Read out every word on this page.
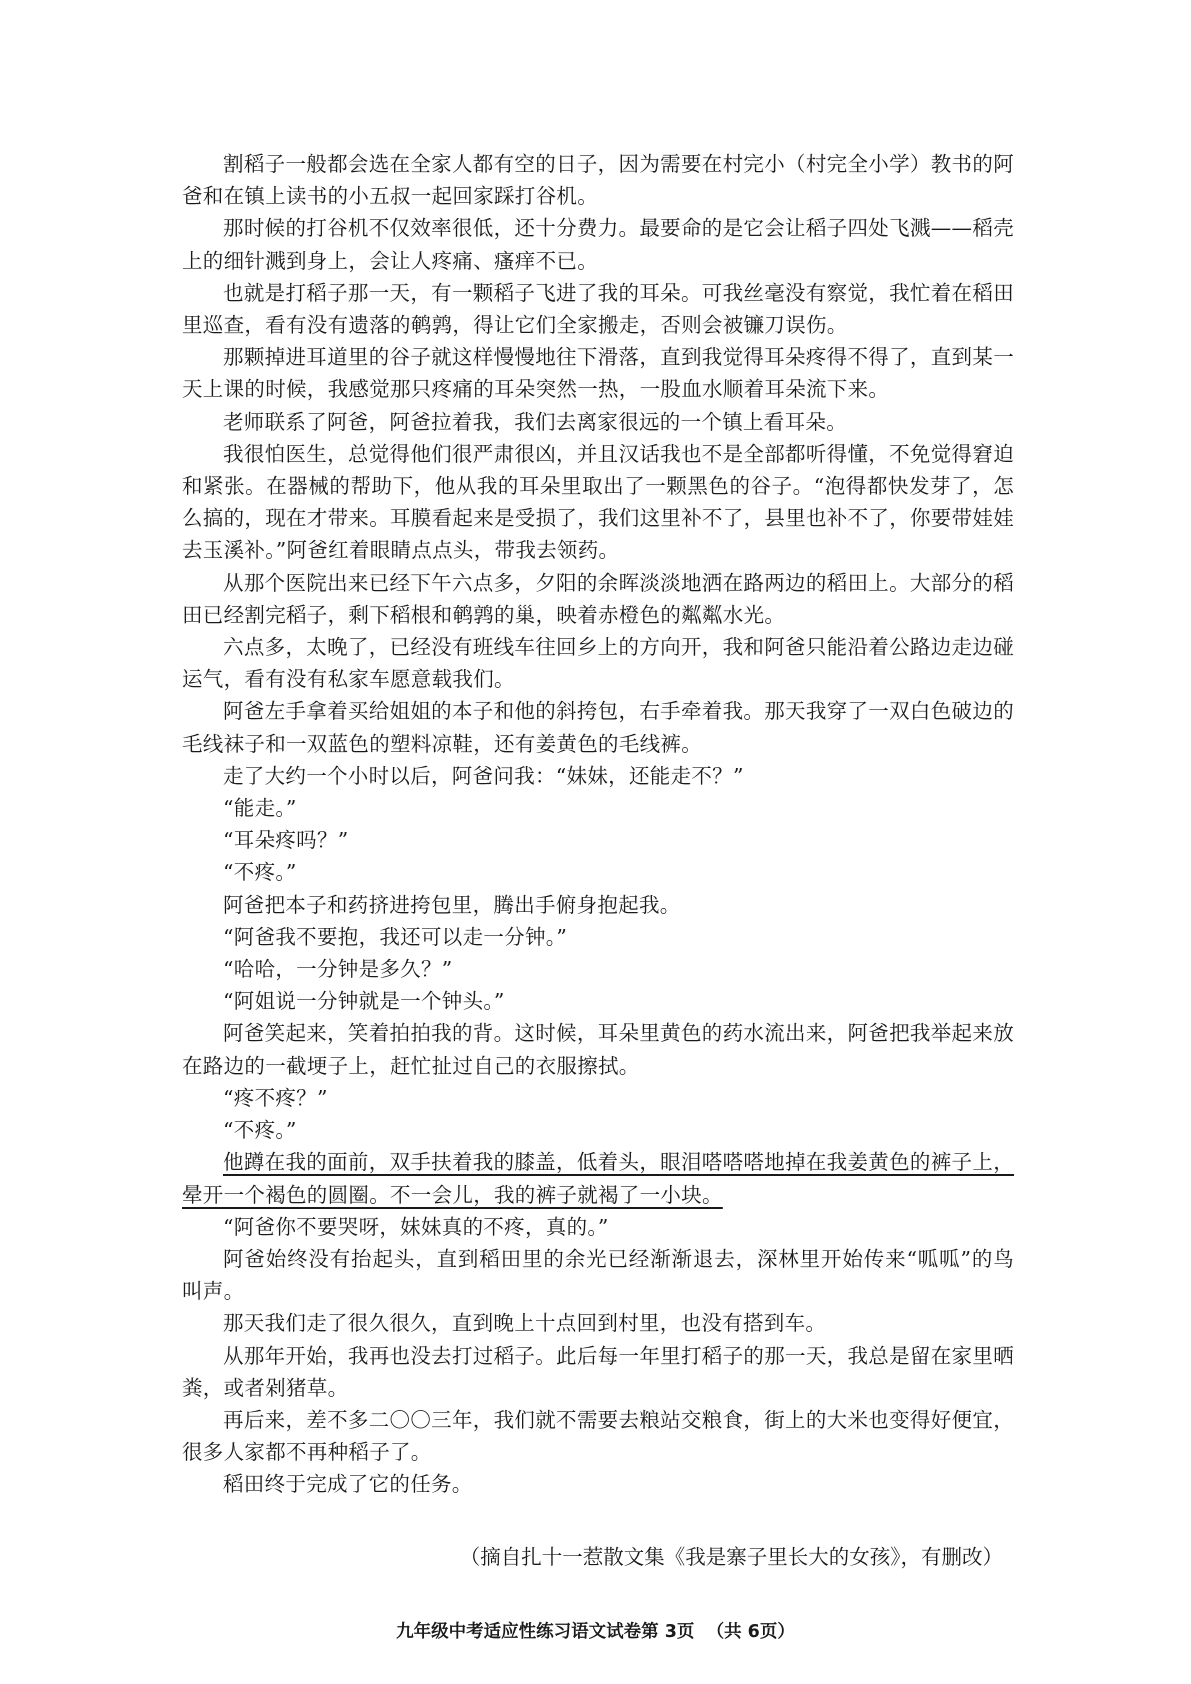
割稻子一般都会选在全家人都有空的日子，因为需要在村完小（村完全小学）教书的阿爸和在镇上读书的小五叔一起回家踩打谷机。

那时候的打谷机不仅效率很低，还十分费力。最要命的是它会让稻子四处飞溅——稻壳上的细针溅到身上，会让人疼痛、瘙痒不已。

也就是打稻子那一天，有一颗稻子飞进了我的耳朵。可我丝毫没有察觉，我忙着在稻田里巡查，看有没有遗落的鹌鹑，得让它们全家搬走，否则会被镰刀误伤。

那颗掉进耳道里的谷子就这样慢慢地往下滑落，直到我觉得耳朵疼得不得了，直到某一天上课的时候，我感觉那只疼痛的耳朵突然一热，一股血水顺着耳朵流下来。

老师联系了阿爸，阿爸拉着我，我们去离家很远的一个镇上看耳朵。

我很怕医生，总觉得他们很严肃很凶，并且汉话我也不是全部都听得懂，不免觉得窘迫和紧张。在器械的帮助下，他从我的耳朵里取出了一颗黑色的谷子。“泡得都快发芽了，怎么搞的，现在才带来。耳膜看起来是受损了，我们这里补不了，县里也补不了，你要带娃娃去玉溪补。”阿爸红着眼睛点点头，带我去领药。

从那个医院出来已经下午六点多，夕阳的余晖淡淡地洒在路两边的稻田上。大部分的稻田已经割完稻子，剩下稻根和鹌鹑的巢，映着赤橙色的粼粼水光。

六点多，太晚了，已经没有班线车往回乡上的方向开，我和阿爸只能沿着公路边走边碰运气，看有没有私家车愿意载我们。

阿爸左手拿着买给姐姐的本子和他的斜挎包，右手牵着我。那天我穿了一双白色破边的毛线袜子和一双蓝色的塑料凉鞋，还有姜黄色的毛线裤。

走了大约一个小时以后，阿爸问我：“妹妹，还能走不？”

“能走。”

“耳朵疼吗？”

“不疼。”

阿爸把本子和药挤进挎包里，腾出手俯身抱起我。

“阿爸我不要抱，我还可以走一分钟。”

“哈哈，一分钟是多久？”

“阿姐说一分钟就是一个钟头。”

阿爸笑起来，笑着拍拍我的背。这时候，耳朵里黄色的药水流出来，阿爸把我举起来放在路边的一截埂子上，赶忙扯过自己的衣服擦拭。

“疼不疼？”

“不疼。”

他蹲在我的面前，双手扶着我的膝盖，低着头，眼泪嗒嗒嗒地掉在我姜黄色的裤子上，晕开一个褐色的圆圈。不一会儿，我的裤子就褐了一小块。

“阿爸你不要哭呀，妹妹真的不疼，真的。”

阿爸始终没有抬起头，直到稻田里的余光已经渐渐退去，深林里开始传来“呱呱”的鸟叫声。

那天我们走了很久很久，直到晚上十点回到村里，也没有搭到车。

从那年开始，我再也没去打过稻子。此后每一年里打稻子的那一天，我总是留在家里晒粪，或者剁猪草。

再后来，差不多二〇〇三年，我们就不需要去粮站交粮食，街上的大米也变得好便宜，很多人家都不再种稻子了。

稻田终于完成了它的任务。

（摘自扎十一惹散文集《我是寨子里长大的女孩》，有删改）
九年级中考适应性练习语文试卷第 3页  （共 6页）
